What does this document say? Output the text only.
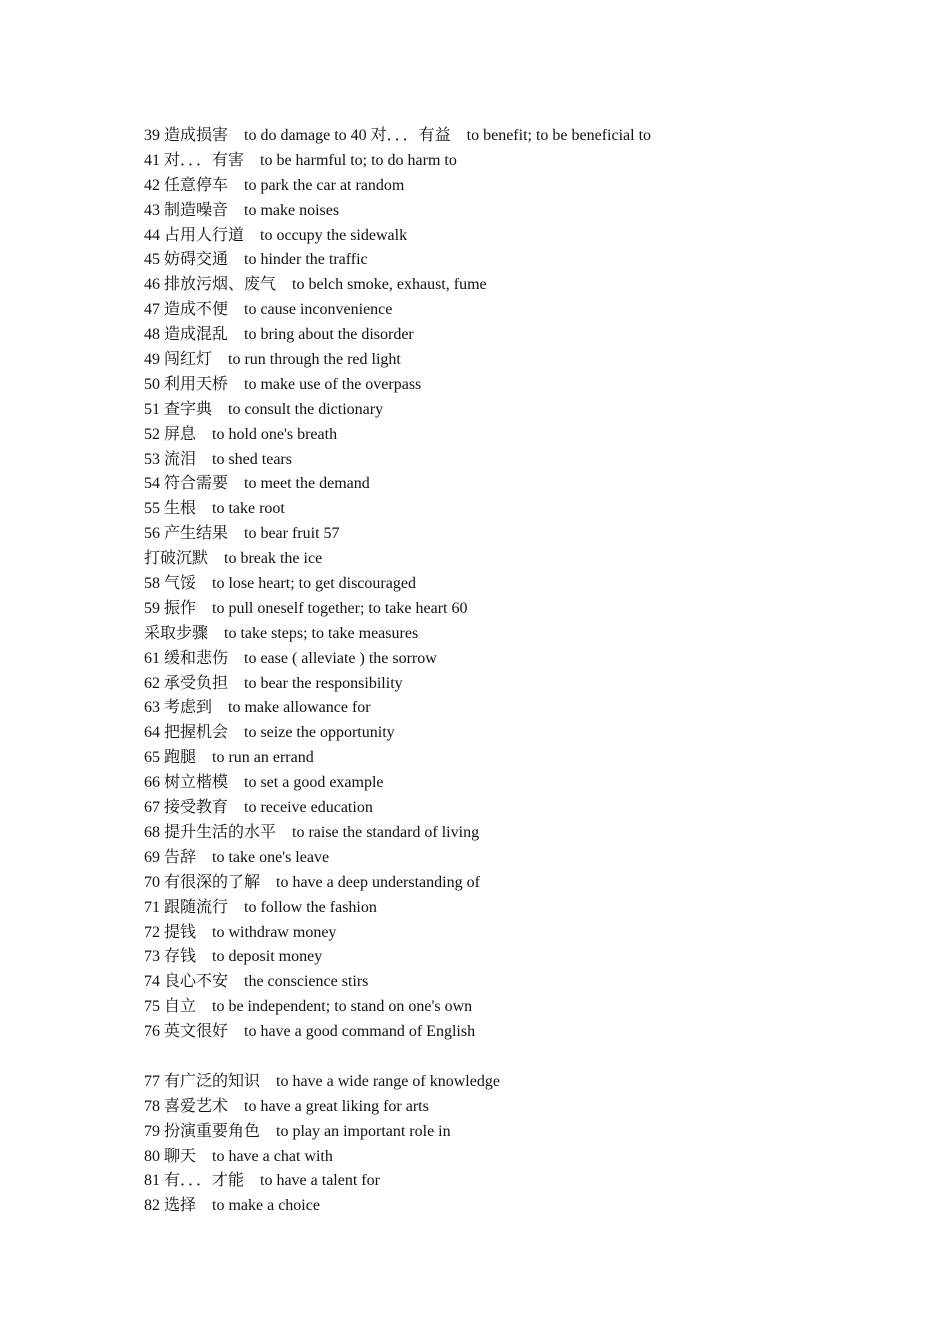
39 造成损害　to do damage to 40 对．．．有益　to benefit; to be beneficial to
41 对．．．有害　to be harmful to; to do harm to
42 任意停车　to park the car at random
43 制造噪音　to make noises
44 占用人行道　to occupy the sidewalk
45 妨碍交通　to hinder the traffic
46 排放污烟、废气　to belch smoke, exhaust, fume
47 造成不便　to cause inconvenience
48 造成混乱　to bring about the disorder
49 闯红灯　to run through the red light
50 利用天桥　to make use of the overpass
51 查字典　to consult the dictionary
52 屏息　to hold one's breath
53 流泪　to shed tears
54 符合需要　to meet the demand
55 生根　to take root
56 产生结果　to bear fruit 57
打破沉默　to break the ice
58 气馁　to lose heart; to get discouraged
59 振作　to pull oneself together; to take heart 60
采取步骤　to take steps; to take measures
61 缓和悲伤　to ease ( alleviate ) the sorrow
62 承受负担　to bear the responsibility
63 考虑到　to make allowance for
64 把握机会　to seize the opportunity
65 跑腿　to run an errand
66 树立楷模　to set a good example
67 接受教育　to receive education
68 提升生活的水平　to raise the standard of living
69 告辞　to take one's leave
70 有很深的了解　to have a deep understanding of
71 跟随流行　to follow the fashion
72 提钱　to withdraw money
73 存钱　to deposit money
74 良心不安　the conscience stirs
75 自立　to be independent; to stand on one's own
76 英文很好　to have a good command of English
77 有广泛的知识　to have a wide range of knowledge
78 喜爱艺术　to have a great liking for arts
79 扮演重要角色　to play an important role in
80 聊天　to have a chat with
81 有．．．才能　to have a talent for
82 选择　to make a choice
